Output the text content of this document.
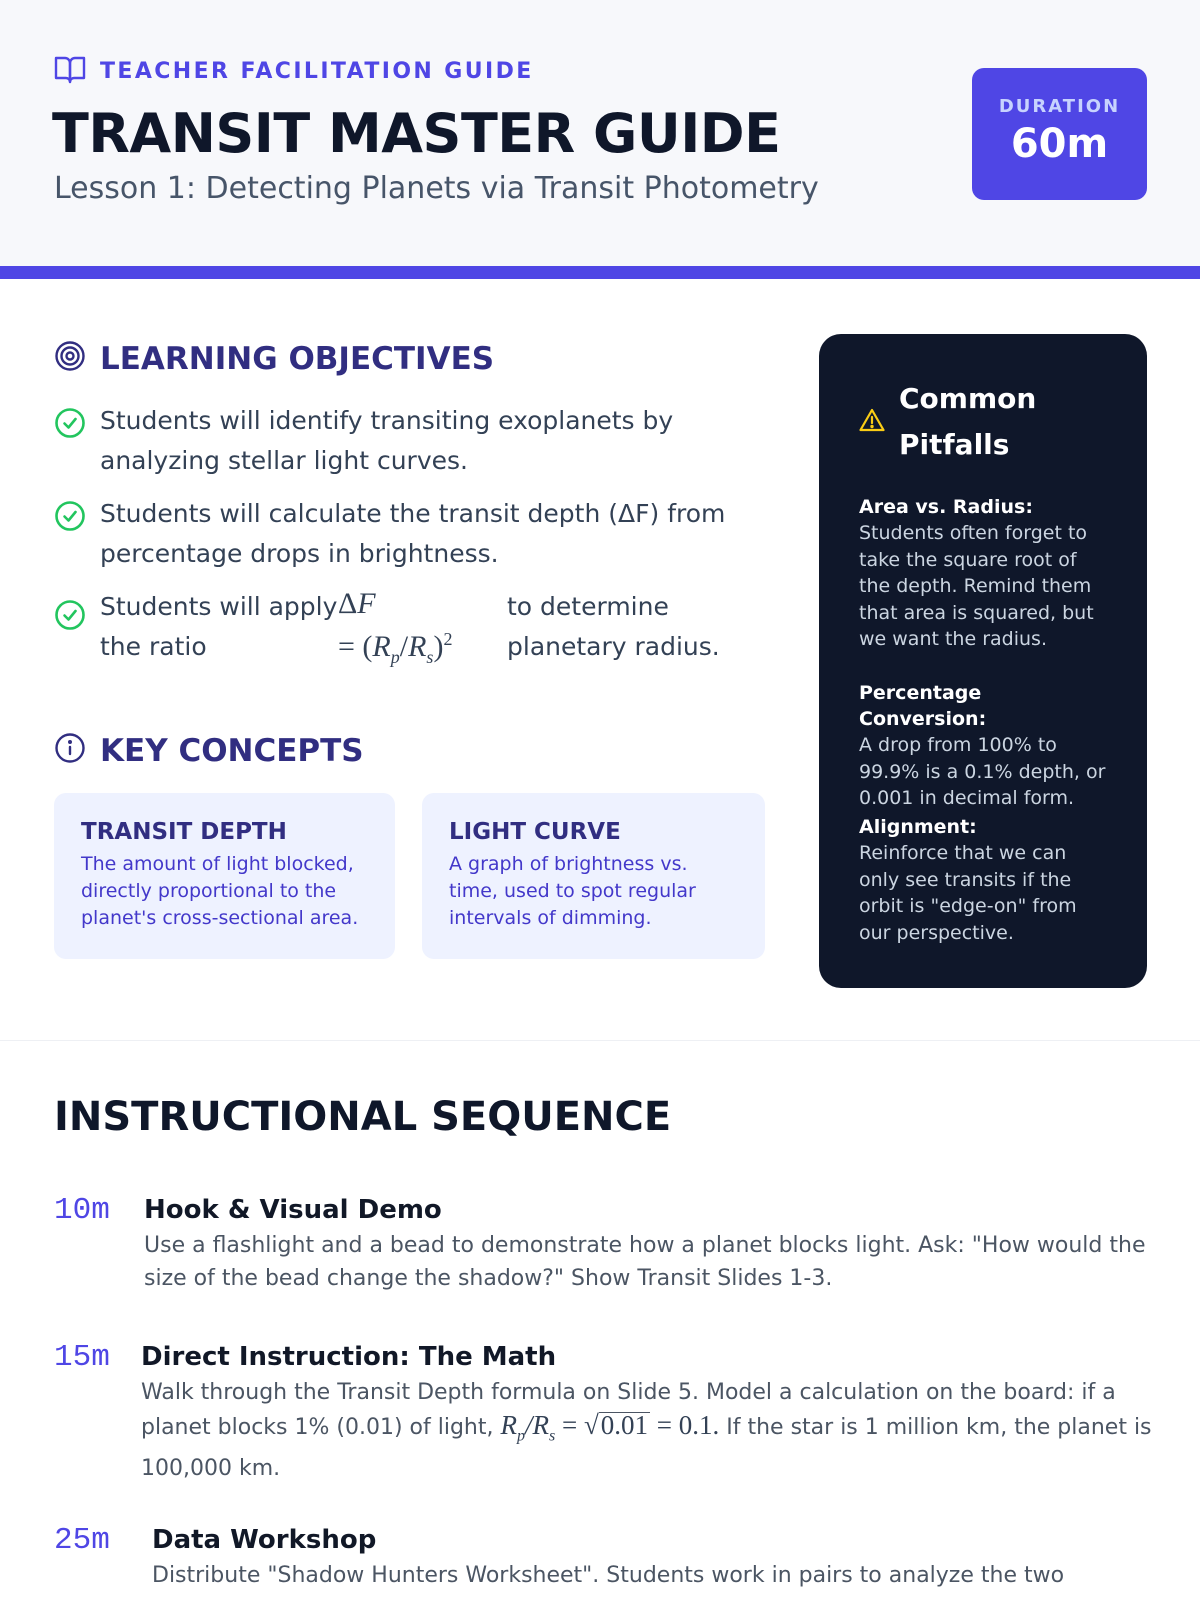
TEACHER FACILITATION GUIDE
TRANSIT MASTER GUIDE
Lesson 1: Detecting Planets via Transit Photometry
DURATION
60m
LEARNING OBJECTIVES
Students will identify transiting exoplanets by analyzing stellar light curves.
Students will calculate the transit depth (ΔF) from percentage drops in brightness.
Students will apply ΔF	to determine
the ratio	= $(R_p/R_s)^2$ planetary radius.
KEY CONCEPTS
TRANSIT DEPTH
The amount of light blocked, directly proportional to the planet's cross-sectional area.
LIGHT CURVE
A graph of brightness vs. time, used to spot regular intervals of dimming.
Common
Pitfalls
Area vs. Radius:
Students often forget to take the square root of the depth. Remind them that area is squared, but we want the radius.
Percentage Conversion:
A drop from 100% to 99.9% is a 0.1% depth, or 0.001 in decimal form.
Alignment:
Reinforce that we can only see transits if the orbit is "edge-on" from our perspective.
INSTRUCTIONAL SEQUENCE
10m Hook & Visual Demo
Use a flashlight and a bead to demonstrate how a planet blocks light. Ask: "How would the size of the bead change the shadow?" Show Transit Slides 1-3.
15m Direct Instruction: The Math
Walk through the Transit Depth formula on Slide 5. Model a calculation on the board: if a planet blocks 1% (0.01) of light, $R_p/R_s = √0.01 = 0.1$. If the star is 1 million km, the planet is 100,000 km.
25m Data Workshop
Distribute "Shadow Hunters Worksheet". Students work in pairs to analyze the two
